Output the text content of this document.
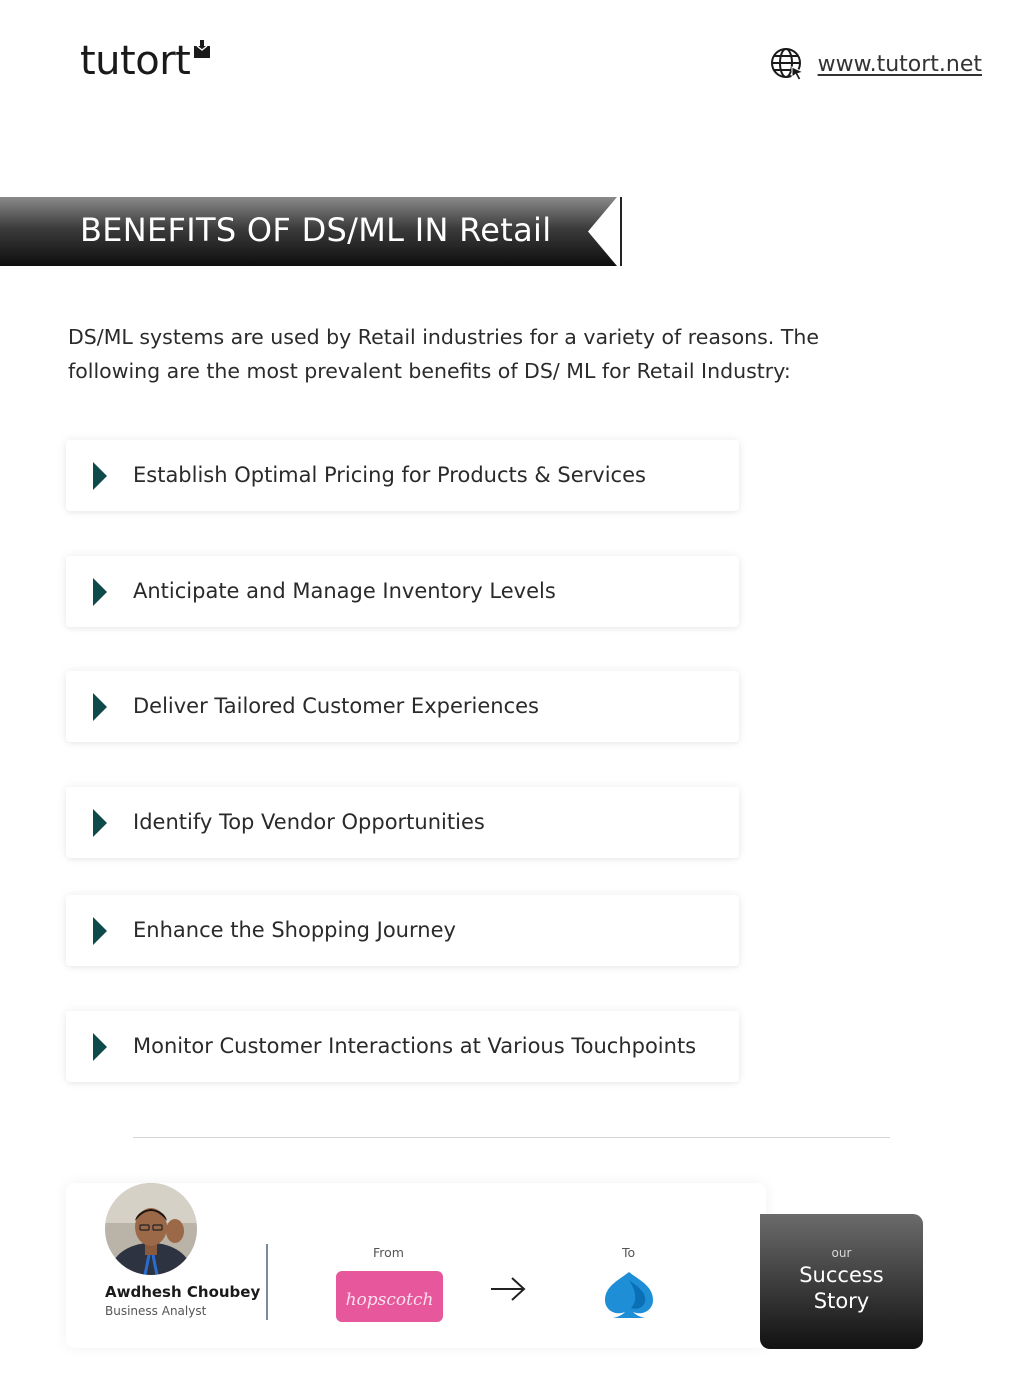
tutort	www.tutort.net
BENEFITS OF DS/ML IN Retail

DS/ML systems are used by Retail industries for a variety of reasons. The following are the most prevalent benefits of DS/ ML for Retail Industry:

Establish Optimal Pricing for Products & Services
Anticipate and Manage Inventory Levels
Deliver Tailored Customer Experiences
Identify Top Vendor Opportunities
Enhance the Shopping Journey
Monitor Customer Interactions at Various Touchpoints
Awdhesh Choubey
Business Analyst
From
hopscotch
To	our
Success
Story
